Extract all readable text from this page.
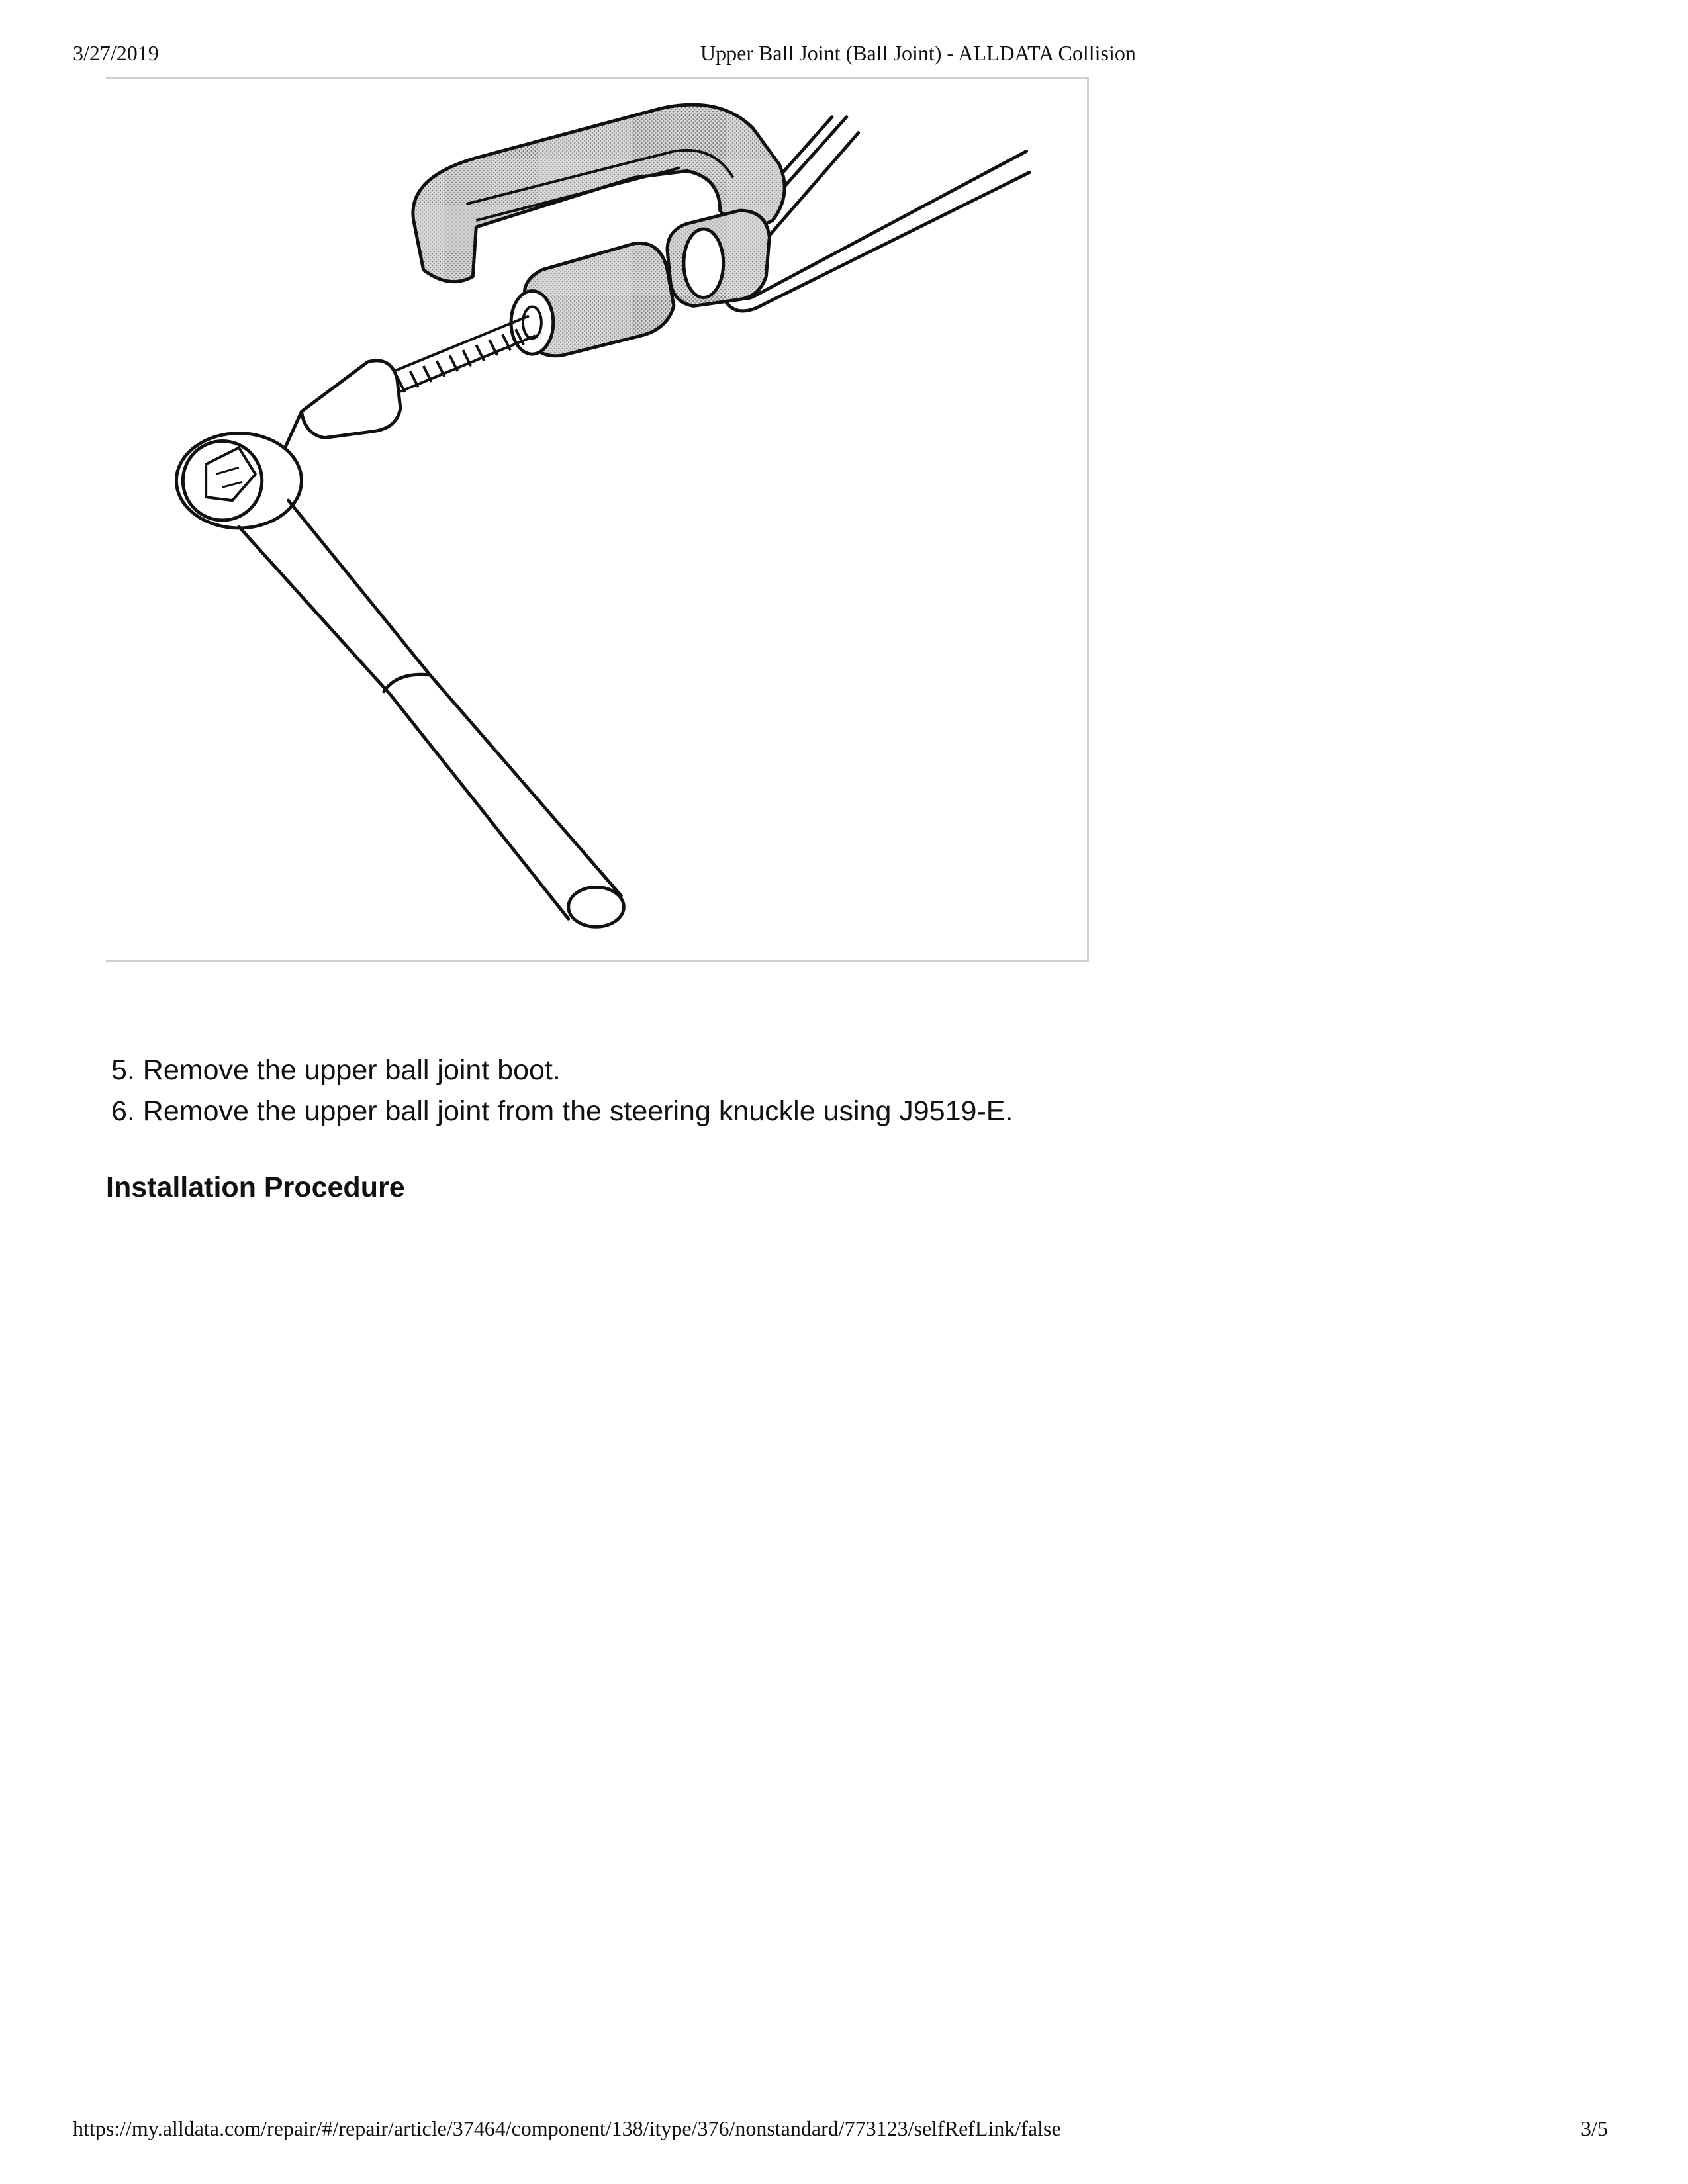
3/27/2019	Upper Ball Joint (Ball Joint) - ALLDATA Collision
5. Remove the upper ball joint boot.
6. Remove the upper ball joint from the steering knuckle using J9519-E.
Installation Procedure
https://my.alldata.com/repair/#/repair/article/37464/component/138/itype/376/nonstandard/773123/selfRefLink/false	3/5
